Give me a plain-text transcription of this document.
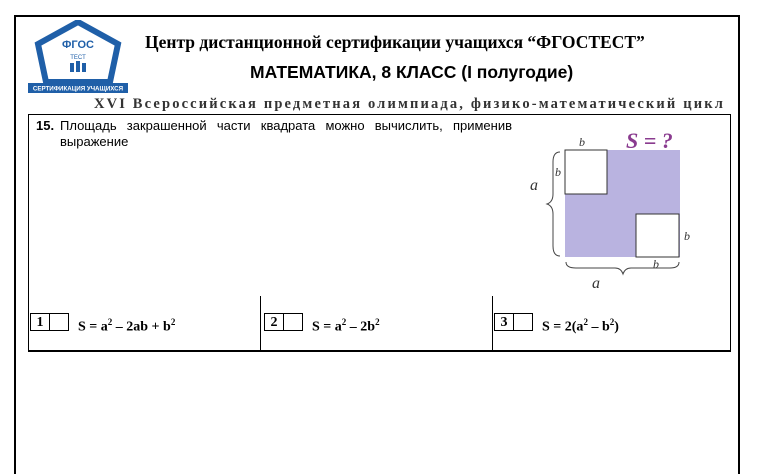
ФГОС
ТЕСТ
СЕРТИФИКАЦИЯ УЧАЩИХСЯ
Центр дистанционной сертификации учащихся “ФГОСТЕСТ”
МАТЕМАТИКА, 8 КЛАСС (I полугодие)
XVI Всероссийская предметная олимпиада, физико-математический цикл
15. Площадь закрашенной части квадрата можно вычислить, применив выражение	S = ?
b
b
b
b
a
a
1	$S = a^2 - 2ab + b^2$	2	$S = a^2 - 2b^2$	3	$S = 2(a^2 - b^2)$
